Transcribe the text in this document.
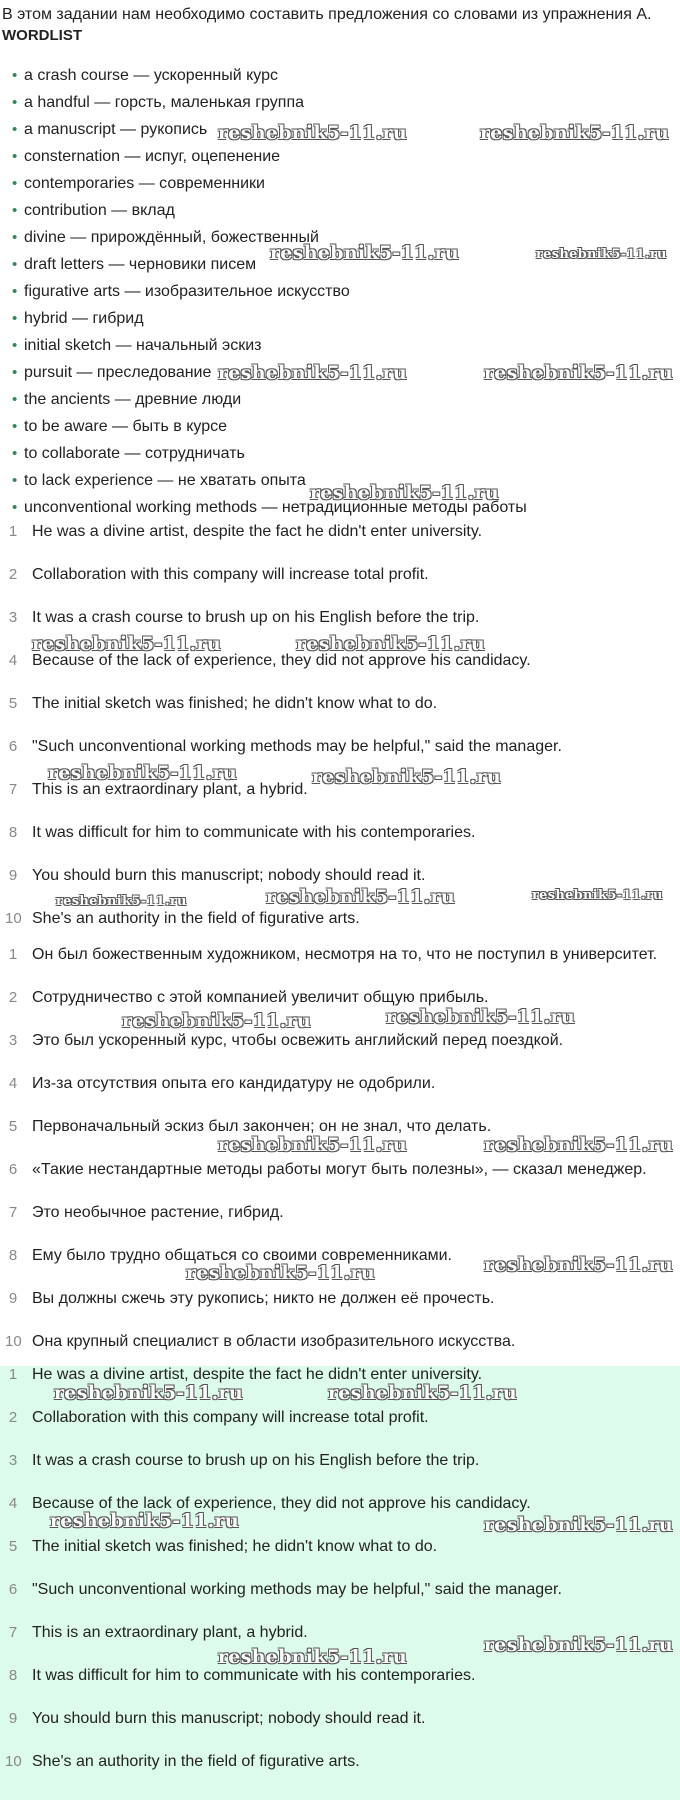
В этом задании нам необходимо составить предложения со словами из упражнения A.
WORDLIST
• a crash course — ускоренный курс
• a handful — горсть, маленькая группа
• a manuscript — рукопись
• consternation — испуг, оцепенение
• contemporaries — современники
• contribution — вклад
• divine — прирождённый, божественный
• draft letters — черновики писем
• figurative arts — изобразительное искусство
• hybrid — гибрид
• initial sketch — начальный эскиз
• pursuit — преследование
• the ancients — древние люди
• to be aware — быть в курсе
• to collaborate — сотрудничать
• to lack experience — не хватать опыта
• unconventional working methods — нетрадиционные методы работы
1 He was a divine artist, despite the fact he didn't enter university.
2 Collaboration with this company will increase total profit.
3 It was a crash course to brush up on his English before the trip.
4 Because of the lack of experience, they did not approve his candidacy.
5 The initial sketch was finished; he didn't know what to do.
6 "Such unconventional working methods may be helpful," said the manager.
7 This is an extraordinary plant, a hybrid.
8 It was difficult for him to communicate with his contemporaries.
9 You should burn this manuscript; nobody should read it.
10 She's an authority in the field of figurative arts.
1 Он был божественным художником, несмотря на то, что не поступил в университет.
2 Сотрудничество с этой компанией увеличит общую прибыль.
3 Это был ускоренный курс, чтобы освежить английский перед поездкой.
4 Из-за отсутствия опыта его кандидатуру не одобрили.
5 Первоначальный эскиз был закончен; он не знал, что делать.
6 «Такие нестандартные методы работы могут быть полезны», — сказал менеджер.
7 Это необычное растение, гибрид.
8 Ему было трудно общаться со своими современниками.
9 Вы должны сжечь эту рукопись; никто не должен её прочесть.
10 Она крупный специалист в области изобразительного искусства.
1 He was a divine artist, despite the fact he didn't enter university.
2 Collaboration with this company will increase total profit.
3 It was a crash course to brush up on his English before the trip.
4 Because of the lack of experience, they did not approve his candidacy.
5 The initial sketch was finished; he didn't know what to do.
6 "Such unconventional working methods may be helpful," said the manager.
7 This is an extraordinary plant, a hybrid.
8 It was difficult for him to communicate with his contemporaries.
9 You should burn this manuscript; nobody should read it.
10 She's an authority in the field of figurative arts.
reshebnik5-11.ru	reshebnik5-11.ru
reshebnik5-11.ru	reshebnik5-11.ru
reshebnik5-11.ru	reshebnik5-11.ru
reshebnik5-11.ru
reshebnik5-11.ru	reshebnik5-11.ru
reshebnik5-11.ru	reshebnik5-11.ru
reshebnik5-11.ru	reshebnik5-11.ru	reshebnik5-11.ru
reshebnik5-11.ru	reshebnik5-11.ru
reshebnik5-11.ru	reshebnik5-11.ru
reshebnik5-11.ru	reshebnik5-11.ru
reshebnik5-11.ru	reshebnik5-11.ru
reshebnik5-11.ru	reshebnik5-11.ru
reshebnik5-11.ru
reshebnik5-11.ru
